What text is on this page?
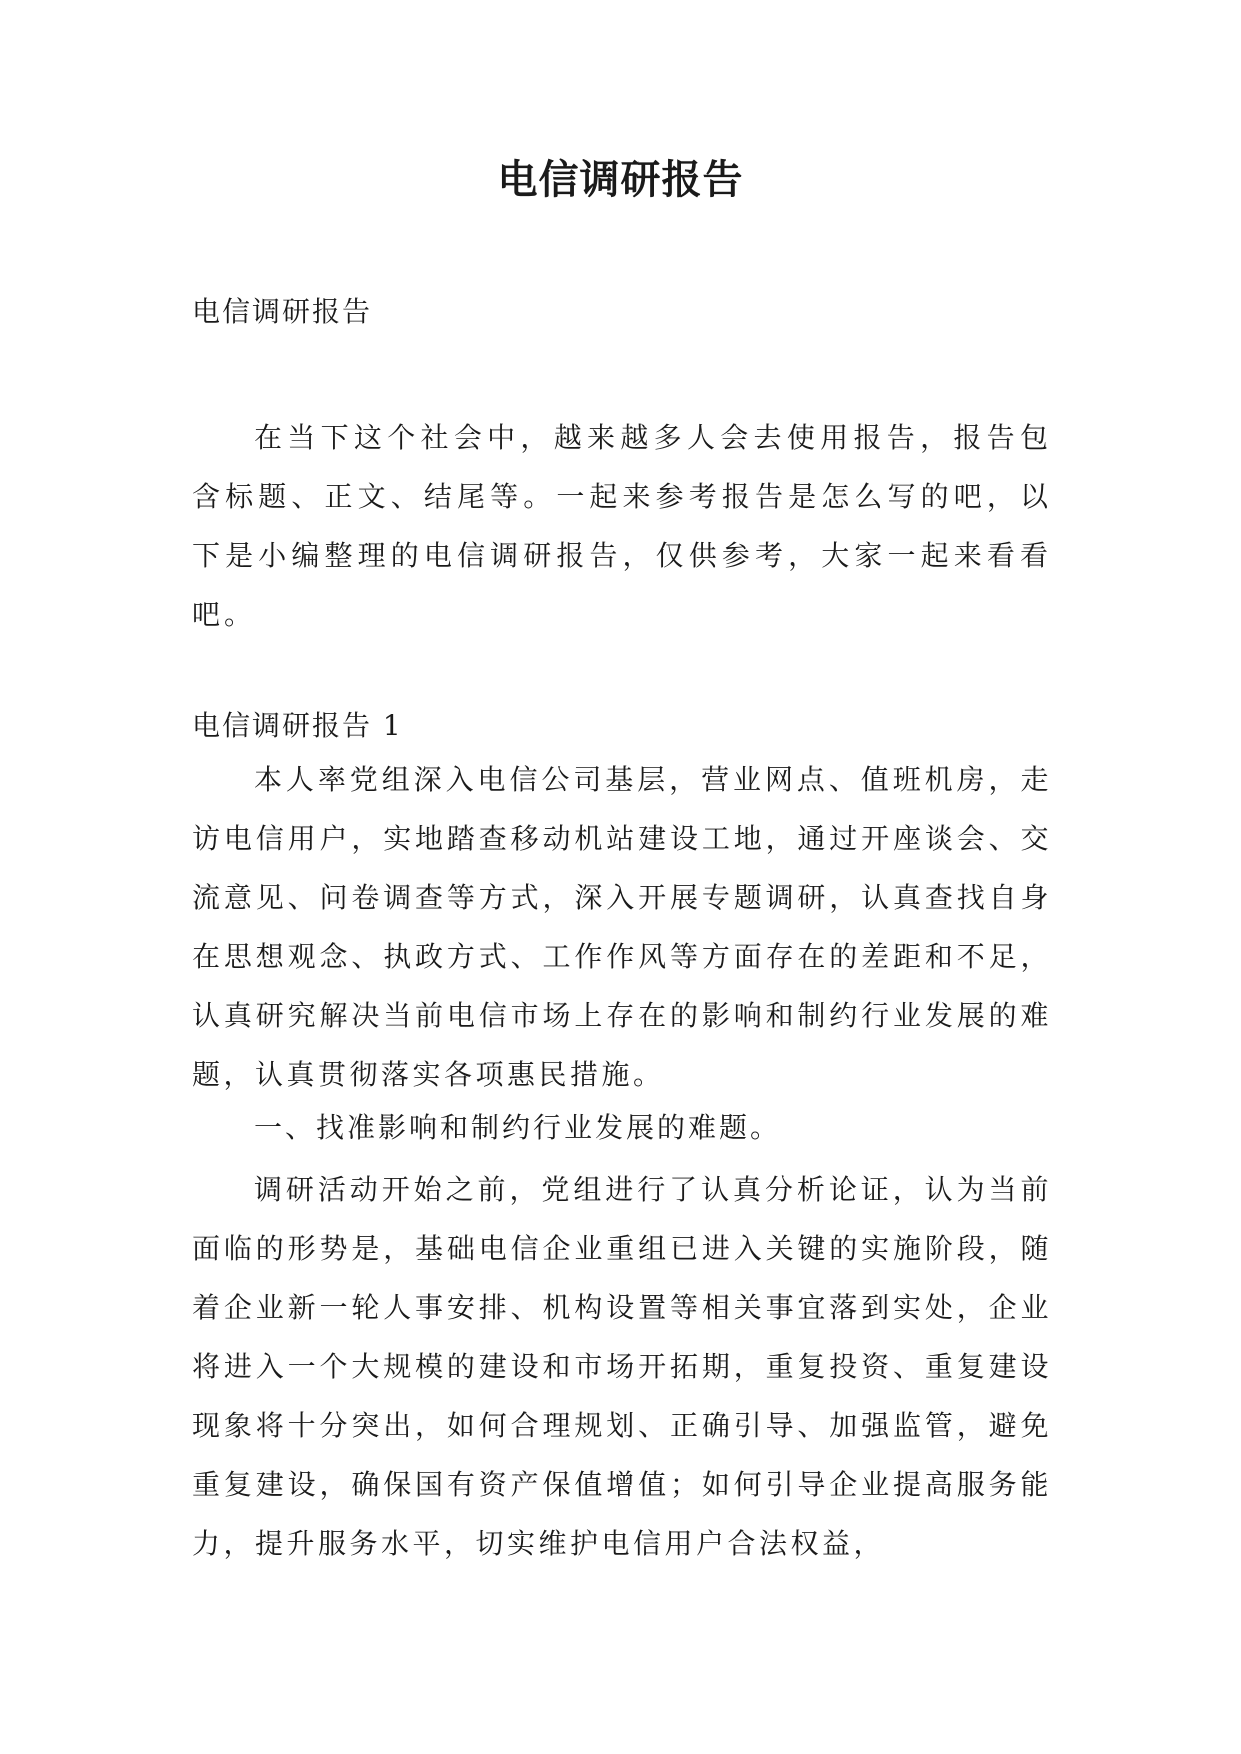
电信调研报告

电信调研报告

在当下这个社会中，越来越多人会去使用报告，报告包含标题、正文、结尾等。一起来参考报告是怎么写的吧，以下是小编整理的电信调研报告，仅供参考，大家一起来看看吧。

电信调研报告 1

本人率党组深入电信公司基层，营业网点、值班机房，走访电信用户，实地踏查移动机站建设工地，通过开座谈会、交流意见、问卷调查等方式，深入开展专题调研，认真查找自身在思想观念、执政方式、工作作风等方面存在的差距和不足，认真研究解决当前电信市场上存在的影响和制约行业发展的难题，认真贯彻落实各项惠民措施。

一、找准影响和制约行业发展的难题。

调研活动开始之前，党组进行了认真分析论证，认为当前面临的形势是，基础电信企业重组已进入关键的实施阶段，随着企业新一轮人事安排、机构设置等相关事宜落到实处，企业将进入一个大规模的建设和市场开拓期，重复投资、重复建设现象将十分突出，如何合理规划、正确引导、加强监管，避免重复建设，确保国有资产保值增值；如何引导企业提高服务能力，提升服务水平，切实维护电信用户合法权益，
